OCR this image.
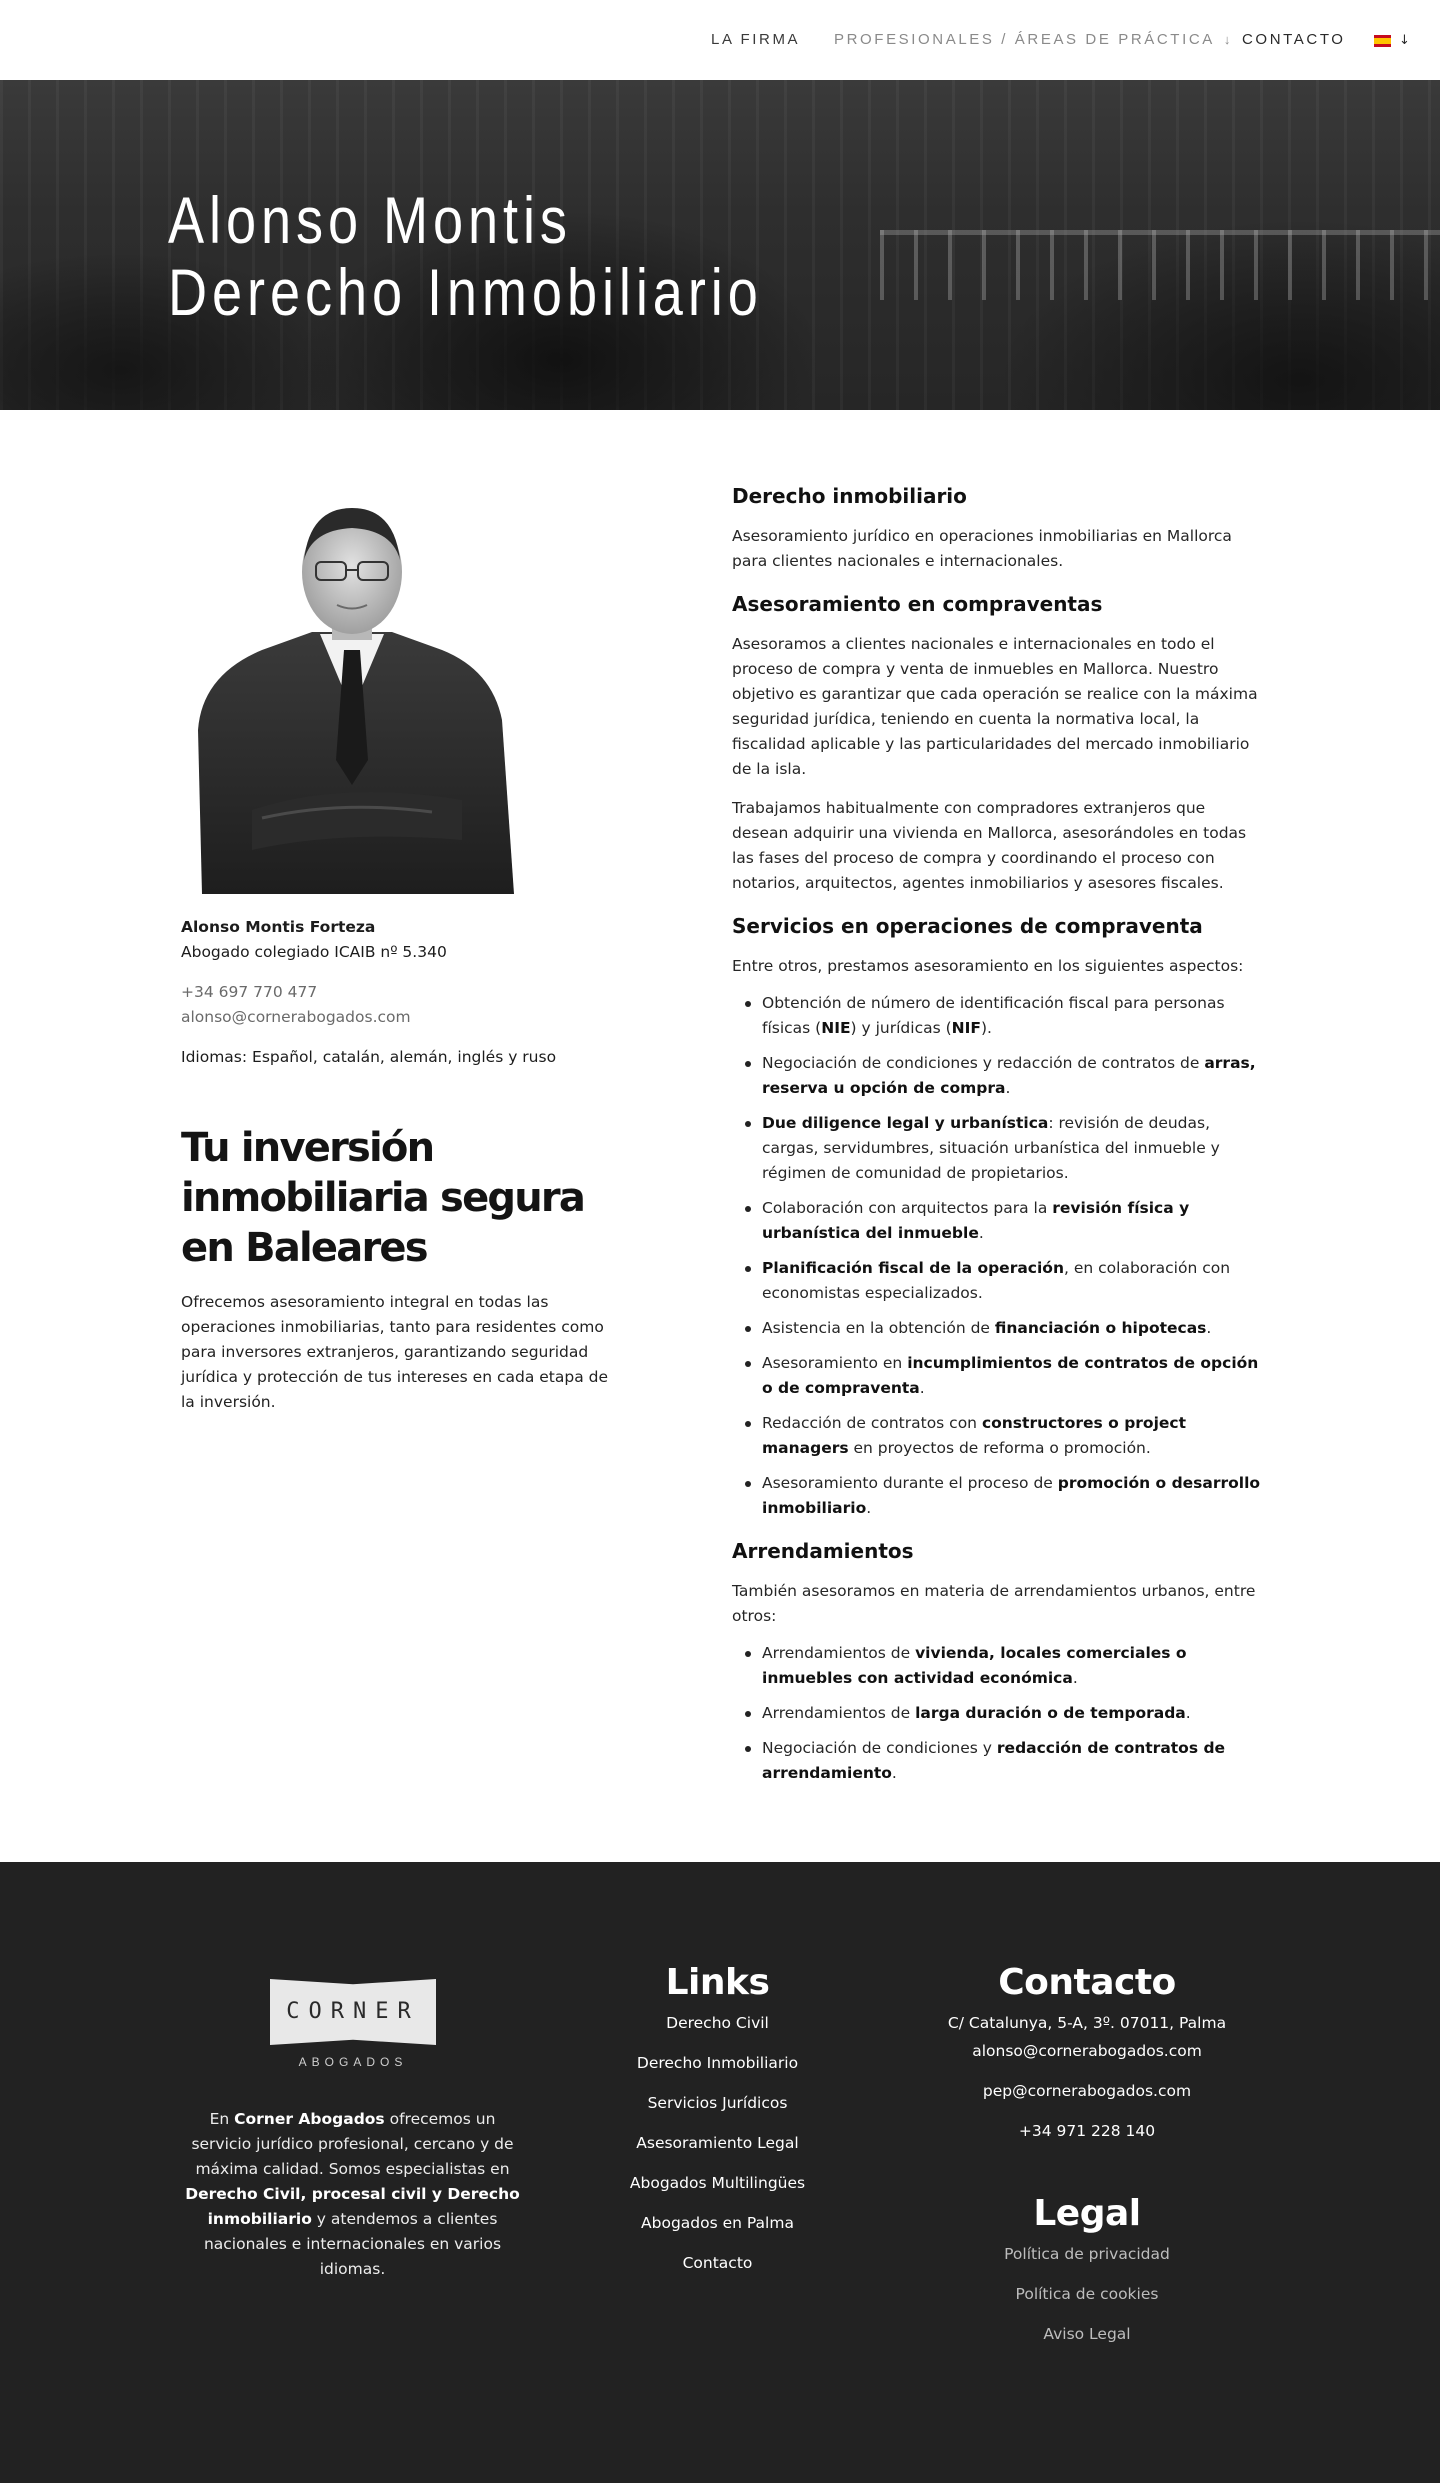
LA FIRMA PROFESIONALES / ÁREAS DE PRÁCTICA ↓ CONTACTO	↓
Alonso Montis
Derecho Inmobiliario
Alonso Montis Forteza
Abogado colegiado ICAIB nº 5.340
+34 697 770 477
alonso@cornerabogados.com
Idiomas: Español, catalán, alemán, inglés y ruso
Tu inversión inmobiliaria segura en Baleares

Ofrecemos asesoramiento integral en todas las operaciones inmobiliarias, tanto para residentes como para inversores extranjeros, garantizando seguridad jurídica y protección de tus intereses en cada etapa de la inversión.

Derecho inmobiliario

Asesoramiento jurídico en operaciones inmobiliarias en Mallorca para clientes nacionales e internacionales.

Asesoramiento en compraventas

Asesoramos a clientes nacionales e internacionales en todo el proceso de compra y venta de inmuebles en Mallorca. Nuestro objetivo es garantizar que cada operación se realice con la máxima seguridad jurídica, teniendo en cuenta la normativa local, la fiscalidad aplicable y las particularidades del mercado inmobiliario de la isla.

Trabajamos habitualmente con compradores extranjeros que desean adquirir una vivienda en Mallorca, asesorándoles en todas las fases del proceso de compra y coordinando el proceso con notarios, arquitectos, agentes inmobiliarios y asesores fiscales.

Servicios en operaciones de compraventa

Entre otros, prestamos asesoramiento en los siguientes aspectos:

Obtención de número de identificación fiscal para personas físicas (NIE) y jurídicas (NIF).
Negociación de condiciones y redacción de contratos de arras, reserva u opción de compra.
Due diligence legal y urbanística: revisión de deudas, cargas, servidumbres, situación urbanística del inmueble y régimen de comunidad de propietarios.
Colaboración con arquitectos para la revisión física y urbanística del inmueble.
Planificación fiscal de la operación, en colaboración con economistas especializados.
Asistencia en la obtención de financiación o hipotecas.
Asesoramiento en incumplimientos de contratos de opción o de compraventa.
Redacción de contratos con constructores o project managers en proyectos de reforma o promoción.
Asesoramiento durante el proceso de promoción o desarrollo inmobiliario.
Arrendamientos

También asesoramos en materia de arrendamientos urbanos, entre otros:

Arrendamientos de vivienda, locales comerciales o inmuebles con actividad económica.
Arrendamientos de larga duración o de temporada.
Negociación de condiciones y redacción de contratos de arrendamiento.
CORNER
ABOGADOS

En Corner Abogados ofrecemos un servicio jurídico profesional, cercano y de máxima calidad. Somos especialistas en Derecho Civil, procesal civil y Derecho inmobiliario y atendemos a clientes nacionales e internacionales en varios idiomas.

Links
Derecho Civil
Derecho Inmobiliario
Servicios Jurídicos
Asesoramiento Legal
Abogados Multilingües
Abogados en Palma
Contacto
Contacto
C/ Catalunya, 5-A, 3º. 07011, Palma
alonso@cornerabogados.com
pep@cornerabogados.com
+34 971 228 140
Legal
Política de privacidad
Política de cookies
Aviso Legal
